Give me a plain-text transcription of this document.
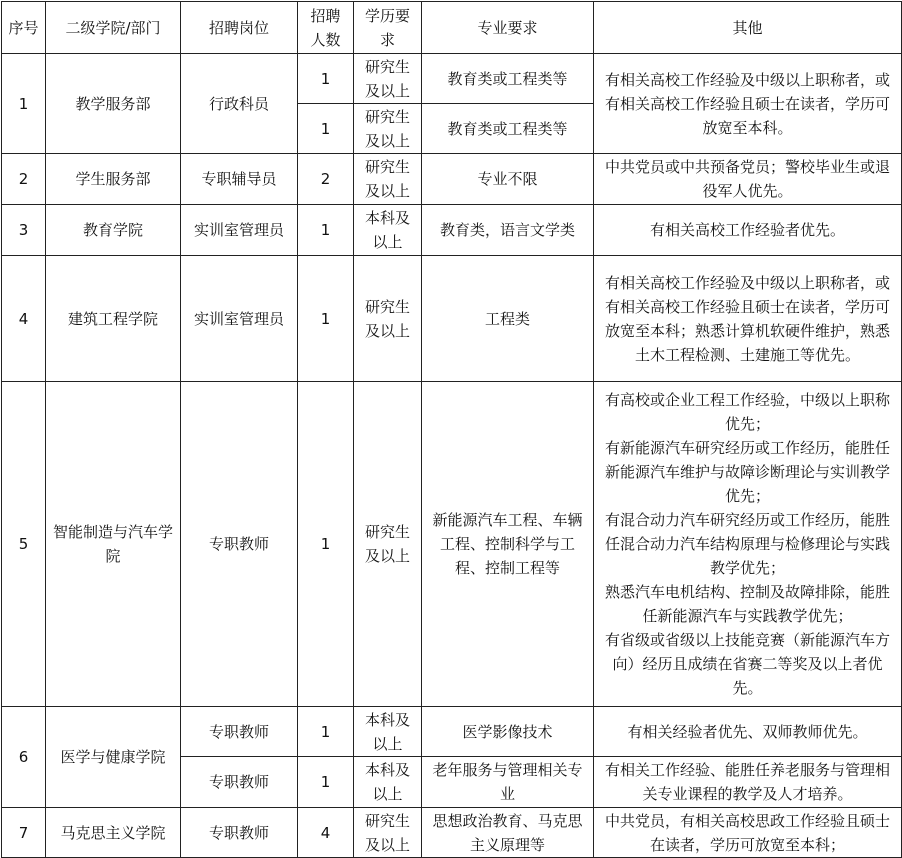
序号	二级学院/部门	招聘岗位	招聘人数	学历要求	专业要求	其他
1	教学服务部	行政科员	1	研究生及以上	教育类或工程类等	有相关高校工作经验及中级以上职称者，或有相关高校工作经验且硕士在读者，学历可放宽至本科。
			1	研究生及以上	教育类或工程类等	
2	学生服务部	专职辅导员	2	研究生及以上	专业不限	中共党员或中共预备党员；警校毕业生或退役军人优先。
3	教育学院	实训室管理员	1	本科及以上	教育类，语言文学类	有相关高校工作经验者优先。
4	建筑工程学院	实训室管理员	1	研究生及以上	工程类	有相关高校工作经验及中级以上职称者，或有相关高校工作经验且硕士在读者，学历可放宽至本科；熟悉计算机软硬件维护，熟悉土木工程检测、土建施工等优先。
5	智能制造与汽车学院	专职教师	1	研究生及以上	新能源汽车工程、车辆工程、控制科学与工程、控制工程等	有高校或企业工程工作经验，中级以上职称优先；
有新能源汽车研究经历或工作经历，能胜任新能源汽车维护与故障诊断理论与实训教学优先；
有混合动力汽车研究经历或工作经历，能胜任混合动力汽车结构原理与检修理论与实践教学优先；
熟悉汽车电机结构、控制及故障排除，能胜任新能源汽车与实践教学优先；
有省级或省级以上技能竞赛（新能源汽车方向）经历且成绩在省赛二等奖及以上者优先。

6	医学与健康学院	专职教师	1	本科及以上	医学影像技术	有相关经验者优先、双师教师优先。
		专职教师	1	本科及以上	老年服务与管理相关专业	有相关工作经验、能胜任养老服务与管理相关专业课程的教学及人才培养。
7	马克思主义学院	专职教师	4	研究生及以上	思想政治教育、马克思主义原理等	中共党员，有相关高校思政工作经验且硕士在读者，学历可放宽至本科；
